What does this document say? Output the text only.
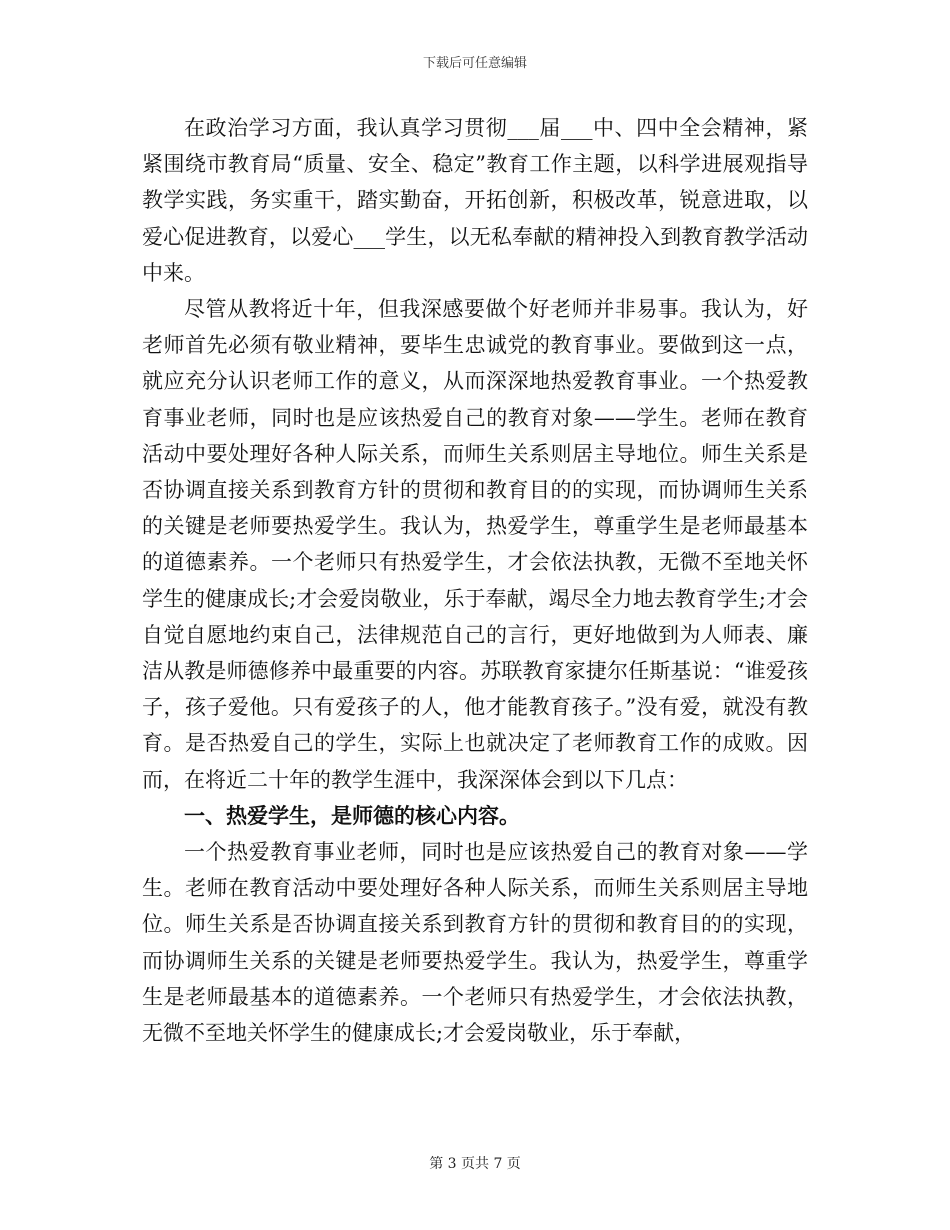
下载后可任意编辑

在政治学习方面，我认真学习贯彻___届___中、四中全会精神，紧紧围绕市教育局“质量、安全、稳定”教育工作主题，以科学进展观指导教学实践，务实重干，踏实勤奋，开拓创新，积极改革，锐意进取，以爱心促进教育，以爱心___学生，以无私奉献的精神投入到教育教学活动中来。

尽管从教将近十年，但我深感要做个好老师并非易事。我认为，好老师首先必须有敬业精神，要毕生忠诚党的教育事业。要做到这一点，就应充分认识老师工作的意义，从而深深地热爱教育事业。一个热爱教育事业老师，同时也是应该热爱自己的教育对象——学生。老师在教育活动中要处理好各种人际关系，而师生关系则居主导地位。师生关系是否协调直接关系到教育方针的贯彻和教育目的的实现，而协调师生关系的关键是老师要热爱学生。我认为，热爱学生，尊重学生是老师最基本的道德素养。一个老师只有热爱学生，才会依法执教，无微不至地关怀学生的健康成长;才会爱岗敬业，乐于奉献，竭尽全力地去教育学生;才会自觉自愿地约束自己，法律规范自己的言行，更好地做到为人师表、廉洁从教是师德修养中最重要的内容。苏联教育家捷尔任斯基说：“谁爱孩子，孩子爱他。只有爱孩子的人，他才能教育孩子。”没有爱，就没有教育。是否热爱自己的学生，实际上也就决定了老师教育工作的成败。因而，在将近二十年的教学生涯中，我深深体会到以下几点：

一、热爱学生，是师德的核心内容。

一个热爱教育事业老师，同时也是应该热爱自己的教育对象——学生。老师在教育活动中要处理好各种人际关系，而师生关系则居主导地位。师生关系是否协调直接关系到教育方针的贯彻和教育目的的实现，而协调师生关系的关键是老师要热爱学生。我认为，热爱学生，尊重学生是老师最基本的道德素养。一个老师只有热爱学生，才会依法执教，无微不至地关怀学生的健康成长;才会爱岗敬业，乐于奉献，

第 3 页共 7 页
